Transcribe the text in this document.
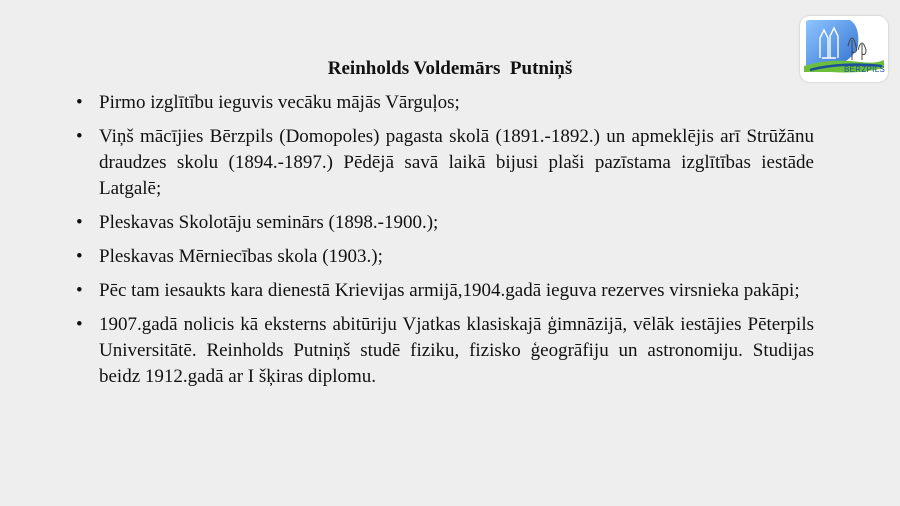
BĒRZPILS
Reinholds Voldemārs  Putniņš
• Pirmo izglītību ieguvis vecāku mājās Vārguļos;
• Viņš mācījies Bērzpils (Domopoles) pagasta skolā (1891.-1892.) un apmeklējis arī Strūžānu draudzes skolu (1894.-1897.) Pēdējā savā laikā bijusi plaši pazīstama izglītības iestāde Latgalē;
• Pleskavas Skolotāju seminārs (1898.-1900.);
• Pleskavas Mērniecības skola (1903.);
• Pēc tam iesaukts kara dienestā Krievijas armijā,1904.gadā ieguva rezerves virsnieka pakāpi;
• 1907.gadā nolicis kā eksterns abitūriju Vjatkas klasiskajā ģimnāzijā, vēlāk iestājies Pēterpils Universitātē. Reinholds Putniņš studē fiziku, fizisko ģeogrāfiju un astronomiju. Studijas beidz 1912.gadā ar I šķiras diplomu.
